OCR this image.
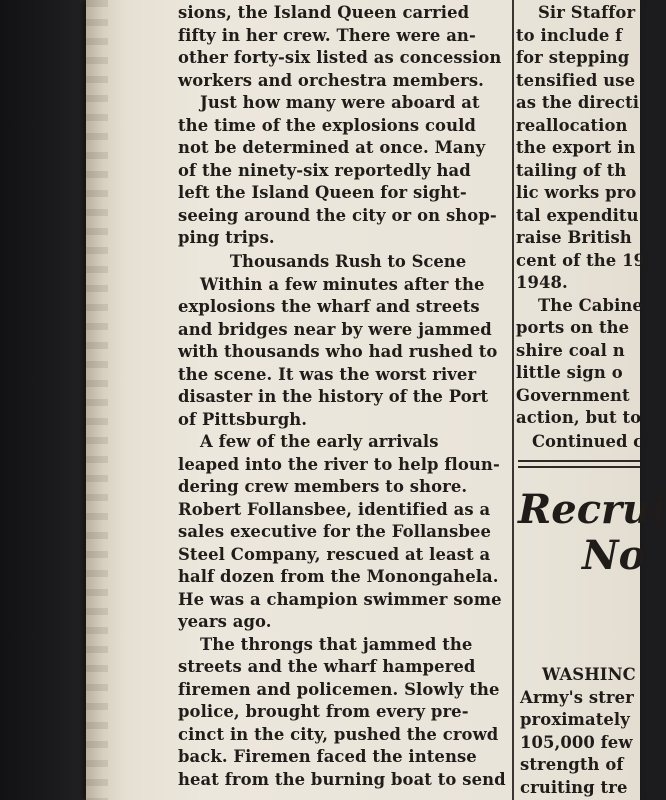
sions, the Island Queen carried
fifty in her crew. There were an-
other forty-six listed as concession
workers and orchestra members.
Just how many were aboard at
the time of the explosions could
not be determined at once. Many
of the ninety-six reportedly had
left the Island Queen for sight-
seeing around the city or on shop-
ping trips.
Thousands Rush to Scene
Within a few minutes after the
explosions the wharf and streets
and bridges near by were jammed
with thousands who had rushed to
the scene. It was the worst river
disaster in the history of the Port
of Pittsburgh.
A few of the early arrivals
leaped into the river to help floun-
dering crew members to shore.
Robert Follansbee, identified as a
sales executive for the Follansbee
Steel Company, rescued at least a
half dozen from the Monongahela.
He was a champion swimmer some
years ago.
The throngs that jammed the
streets and the wharf hampered
firemen and policemen. Slowly the
police, brought from every pre-
cinct in the city, pushed the crowd
back. Firemen faced the intense
heat from the burning boat to send
Sir Staffor
to include f
for stepping
tensified use
as the directi
reallocation
the export in
tailing of th
lic works pro
tal expenditu
raise British
cent of the 19
1948.
The Cabine
ports on the
shire coal n
little sign o
Government
action, but to
Continued c
Recrui
No
WASHINC
Army's strer
proximately
105,000 few
strength of
cruiting tre
